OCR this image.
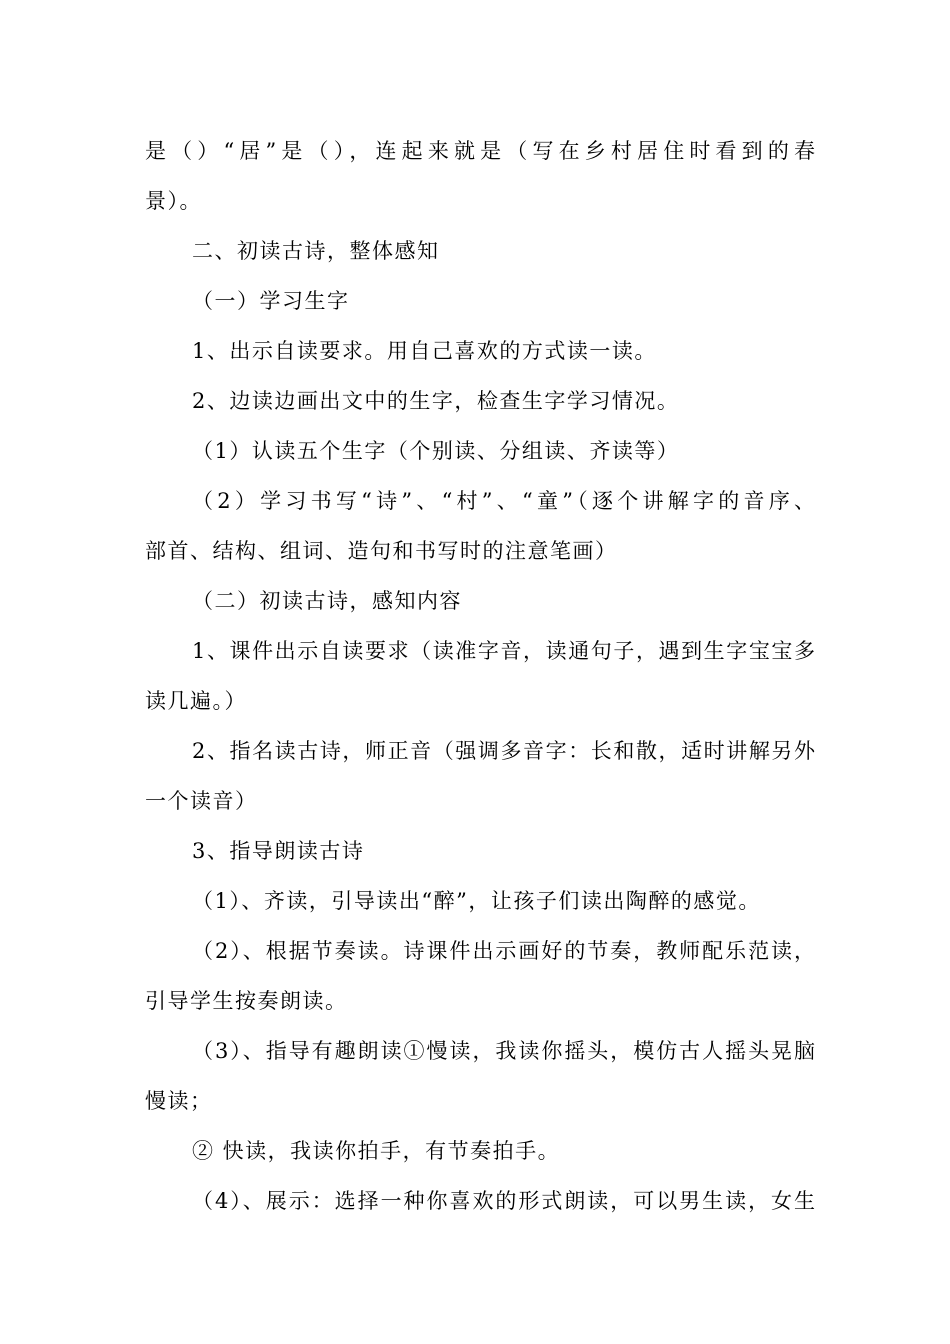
是（）“居”是（），连起来就是（写在乡村居住时看到的春
景）。
二、初读古诗，整体感知
（一）学习生字
1、出示自读要求。用自己喜欢的方式读一读。
2、边读边画出文中的生字，检查生字学习情况。
（1）认读五个生字（个别读、分组读、齐读等）
（2）学习书写“诗”、“村”、“童”（逐个讲解字的音序、
部首、结构、组词、造句和书写时的注意笔画）
（二）初读古诗，感知内容
1、课件出示自读要求（读准字音，读通句子，遇到生字宝宝多
读几遍。）
2、指名读古诗，师正音（强调多音字：长和散，适时讲解另外
一个读音）
3、指导朗读古诗
（1）、齐读，引导读出“醉”，让孩子们读出陶醉的感觉。
（2）、根据节奏读。诗课件出示画好的节奏，教师配乐范读，
引导学生按奏朗读。
（3）、指导有趣朗读①慢读，我读你摇头，模仿古人摇头晃脑
慢读；
② 快读，我读你拍手，有节奏拍手。
（4）、展示：选择一种你喜欢的形式朗读，可以男生读，女生
